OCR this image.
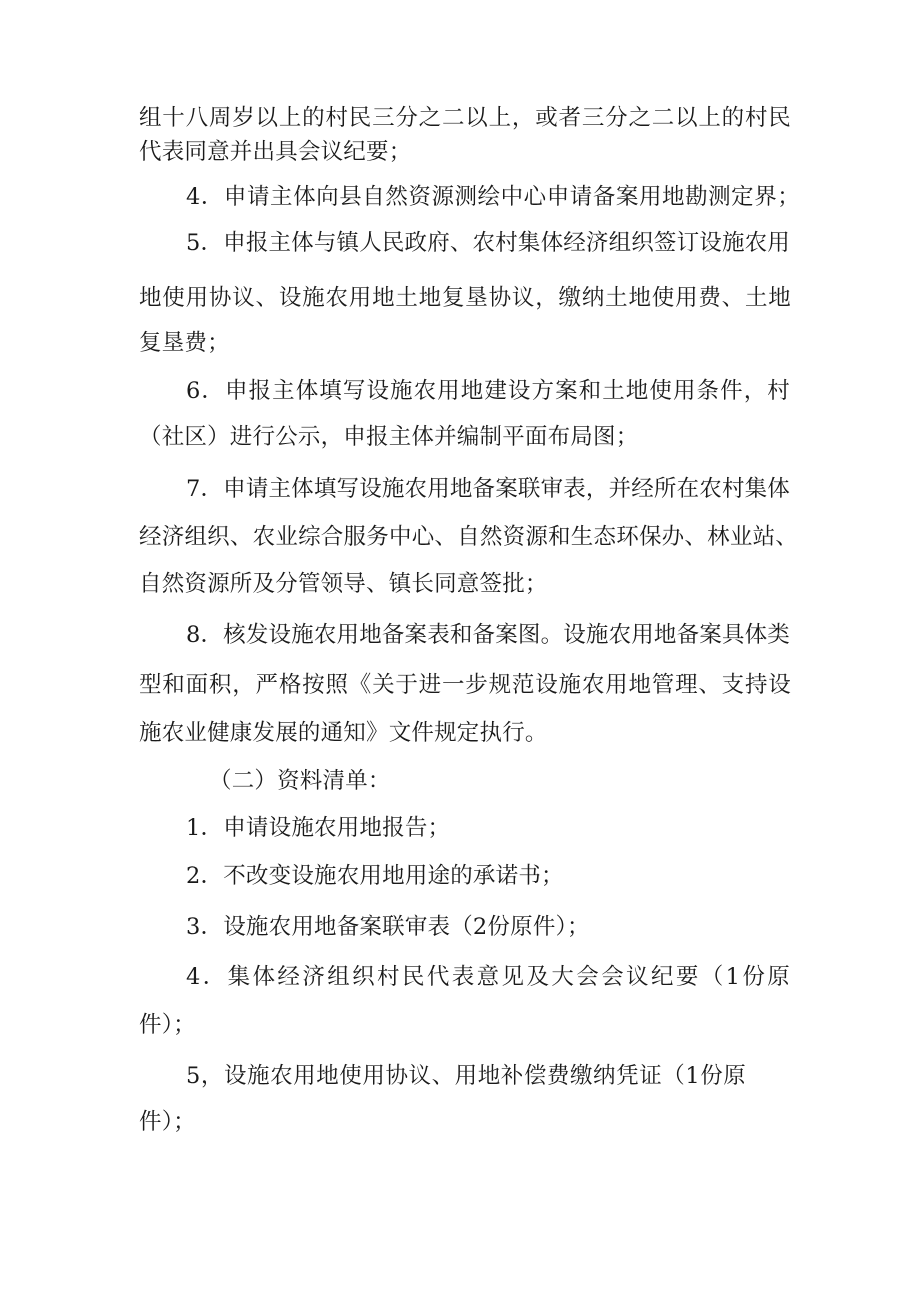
组十八周岁以上的村民三分之二以上，或者三分之二以上的村民
代表同意并出具会议纪要；
4．申请主体向县自然资源测绘中心申请备案用地勘测定界；
5．申报主体与镇人民政府、农村集体经济组织签订设施农用
地使用协议、设施农用地土地复垦协议，缴纳土地使用费、土地
复垦费；
6．申报主体填写设施农用地建设方案和土地使用条件，村
（社区）进行公示，申报主体并编制平面布局图；
7．申请主体填写设施农用地备案联审表，并经所在农村集体
经济组织、农业综合服务中心、自然资源和生态环保办、林业站、
自然资源所及分管领导、镇长同意签批；
8．核发设施农用地备案表和备案图。设施农用地备案具体类
型和面积，严格按照《关于进一步规范设施农用地管理、支持设
施农业健康发展的通知》文件规定执行。
（二）资料清单：
1．申请设施农用地报告；
2．不改变设施农用地用途的承诺书；
3．设施农用地备案联审表（2份原件）；
4．集体经济组织村民代表意见及大会会议纪要（1份原
件）；
5，设施农用地使用协议、用地补偿费缴纳凭证（1份原
件）；
